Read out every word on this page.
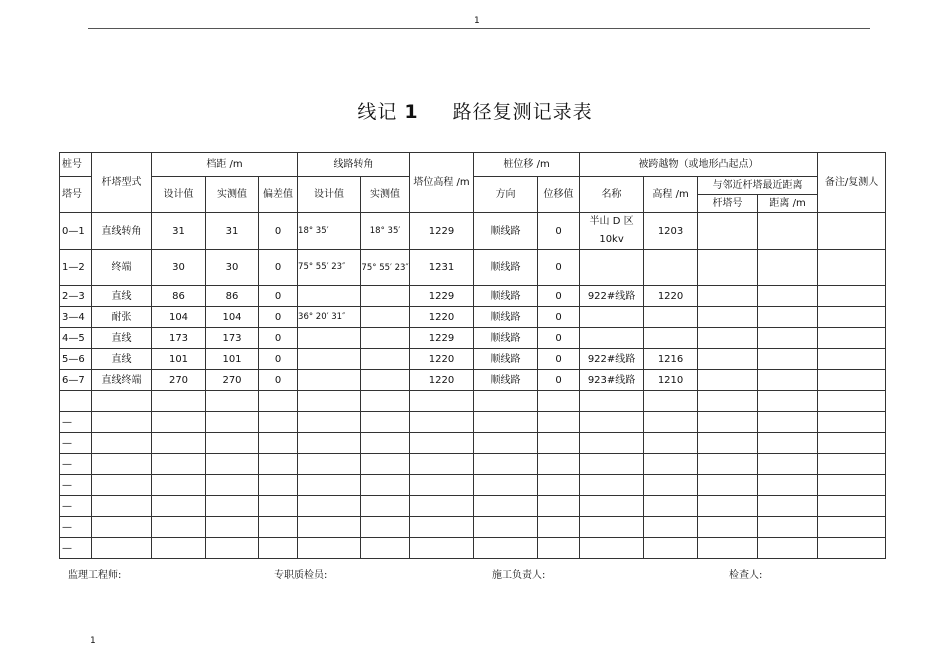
1
线记 1 路径复测记录表
桩号	杆塔型式	档距 /m			线路转角		塔位高程 /m	桩位移 /m		被跨越物（或地形凸起点）				备注/复测人
塔号		设计值	实测值	偏差值	设计值	实测值		方向	位移值	名称	高程 /m	与邻近杆塔最近距离		
												杆塔号	距离 /m	
0—1	直线转角	31	31	0	18° 35′	18° 35′	1229	顺线路	0	半山 D 区 10kv	1203			
1—2	终端	30	30	0	75° 55′ 23″	75° 55′ 23″	1231	顺线路	0					
2—3	直线	86	86	0			1229	顺线路	0	922#线路	1220			
3—4	耐张	104	104	0	36° 20′ 31″		1220	顺线路	0					
4—5	直线	173	173	0			1229	顺线路	0					
5—6	直线	101	101	0			1220	顺线路	0	922#线路	1216			
6—7	直线终端	270	270	0			1220	顺线路	0	923#线路	1210			

—														
—														
—														
—														
—														
—														
—														
监理工程师:	专职质检员:	施工负责人:	检查人:
1
